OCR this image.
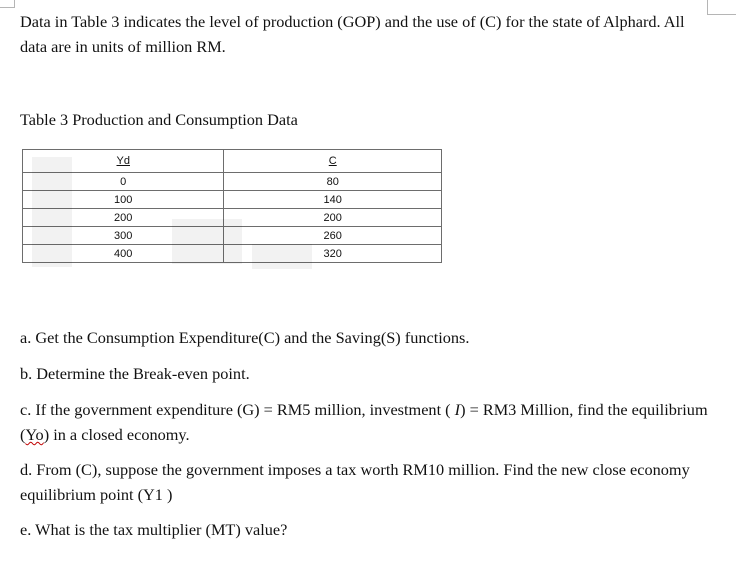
Data in Table 3 indicates the level of production (GOP) and the use of (C) for the state of Alphard. All data are in units of million RM.

Table 3 Production and Consumption Data

Yd	C
0	80
100	140
200	200
300	260
400	320

a. Get the Consumption Expenditure(C) and the Saving(S) functions.

b. Determine the Break-even point.

c. If the government expenditure (G) = RM5 million, investment ( I) = RM3 Million, find the equilibrium (Yo) in a closed economy.

d. From (C), suppose the government imposes a tax worth RM10 million. Find the new close economy equilibrium point (Y1 )

e. What is the tax multiplier (MT) value?
